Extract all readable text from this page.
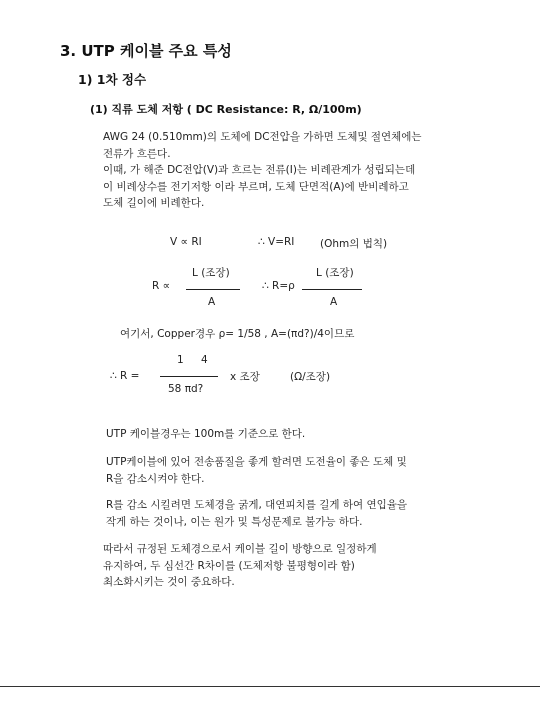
3. UTP 케이블 주요 특성
1) 1차 정수
(1) 직류 도체 저항 ( DC Resistance: R, Ω/100m)
AWG 24 (0.510mm)의 도체에 DC전압을 가하면 도체및 절연체에는
전류가 흐른다.
이때, 가 해준 DC전압(V)과 흐르는 전류(I)는 비례관계가 성립되는데
이 비례상수를 전기저항 이라 부르며, 도체 단면적(A)에 반비례하고
도체 길이에 비례한다.
V ∝ RI	∴ V=RI (Ohm의 법칙)
L (조장)
R ∝
A
L (조장)
∴ R=ρ
A
여기서, Copper경우 ρ= 1/58 , A=(πd?)/4이므로
1 4
∴ R =	x 조장	(Ω/조장)
58 πd?
UTP 케이블경우는 100m를 기준으로 한다.
UTP케이블에 있어 전송품질을 좋게 할려면 도전율이 좋은 도체 및
R을 감소시켜야 한다.
R를 감소 시킬려면 도체경을 굵게, 대연피치를 길게 하여 연입율을
작게 하는 것이나, 이는 원가 및 특성문제로 불가능 하다.
따라서 규정된 도체경으로서 케이블 길이 방향으로 일정하게
유지하여, 두 심선간 R차이를 (도체저항 불평형이라 함)
최소화시키는 것이 중요하다.
